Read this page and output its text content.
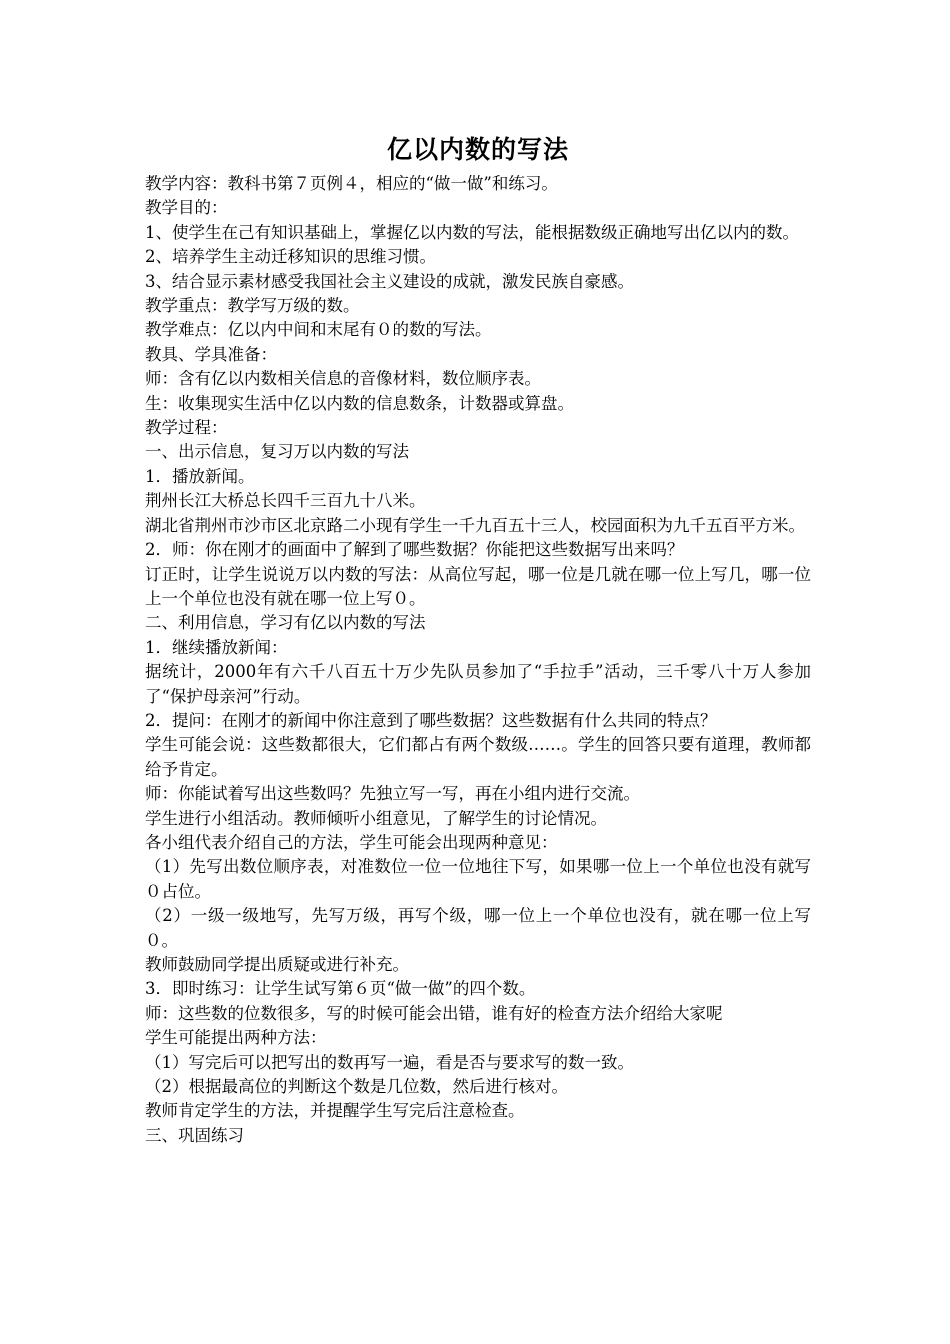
亿以内数的写法

教学内容：教科书第７页例４，相应的“做一做”和练习。

教学目的：

1、使学生在己有知识基础上，掌握亿以内数的写法，能根据数级正确地写出亿以内的数。

2、培养学生主动迁移知识的思维习惯。

3、结合显示素材感受我国社会主义建设的成就，激发民族自豪感。

教学重点：教学写万级的数。

教学难点：亿以内中间和末尾有０的数的写法。

教具、学具准备：

师：含有亿以内数相关信息的音像材料，数位顺序表。

生：收集现实生活中亿以内数的信息数条，计数器或算盘。

教学过程：

一、出示信息，复习万以内数的写法

1．播放新闻。

荆州长江大桥总长四千三百九十八米。

湖北省荆州市沙市区北京路二小现有学生一千九百五十三人，校园面积为九千五百平方米。

2．师：你在刚才的画面中了解到了哪些数据？你能把这些数据写出来吗？

订正时，让学生说说万以内数的写法：从高位写起，哪一位是几就在哪一位上写几，哪一位上一个单位也没有就在哪一位上写０。

二、利用信息，学习有亿以内数的写法

1．继续播放新闻：

据统计，2000年有六千八百五十万少先队员参加了“手拉手”活动，三千零八十万人参加了“保护母亲河”行动。

2．提问：在刚才的新闻中你注意到了哪些数据？这些数据有什么共同的特点？

学生可能会说：这些数都很大，它们都占有两个数级……。学生的回答只要有道理，教师都给予肯定。

师：你能试着写出这些数吗？先独立写一写，再在小组内进行交流。

学生进行小组活动。教师倾听小组意见，了解学生的讨论情况。

各小组代表介绍自己的方法，学生可能会出现两种意见：

（1）先写出数位顺序表，对准数位一位一位地往下写，如果哪一位上一个单位也没有就写０占位。

（2）一级一级地写，先写万级，再写个级，哪一位上一个单位也没有，就在哪一位上写０。

教师鼓励同学提出质疑或进行补充。

3．即时练习：让学生试写第６页“做一做”的四个数。

师：这些数的位数很多，写的时候可能会出错，谁有好的检查方法介绍给大家呢

学生可能提出两种方法：

（1）写完后可以把写出的数再写一遍，看是否与要求写的数一致。

（2）根据最高位的判断这个数是几位数，然后进行核对。

教师肯定学生的方法，并提醒学生写完后注意检查。

三、巩固练习
